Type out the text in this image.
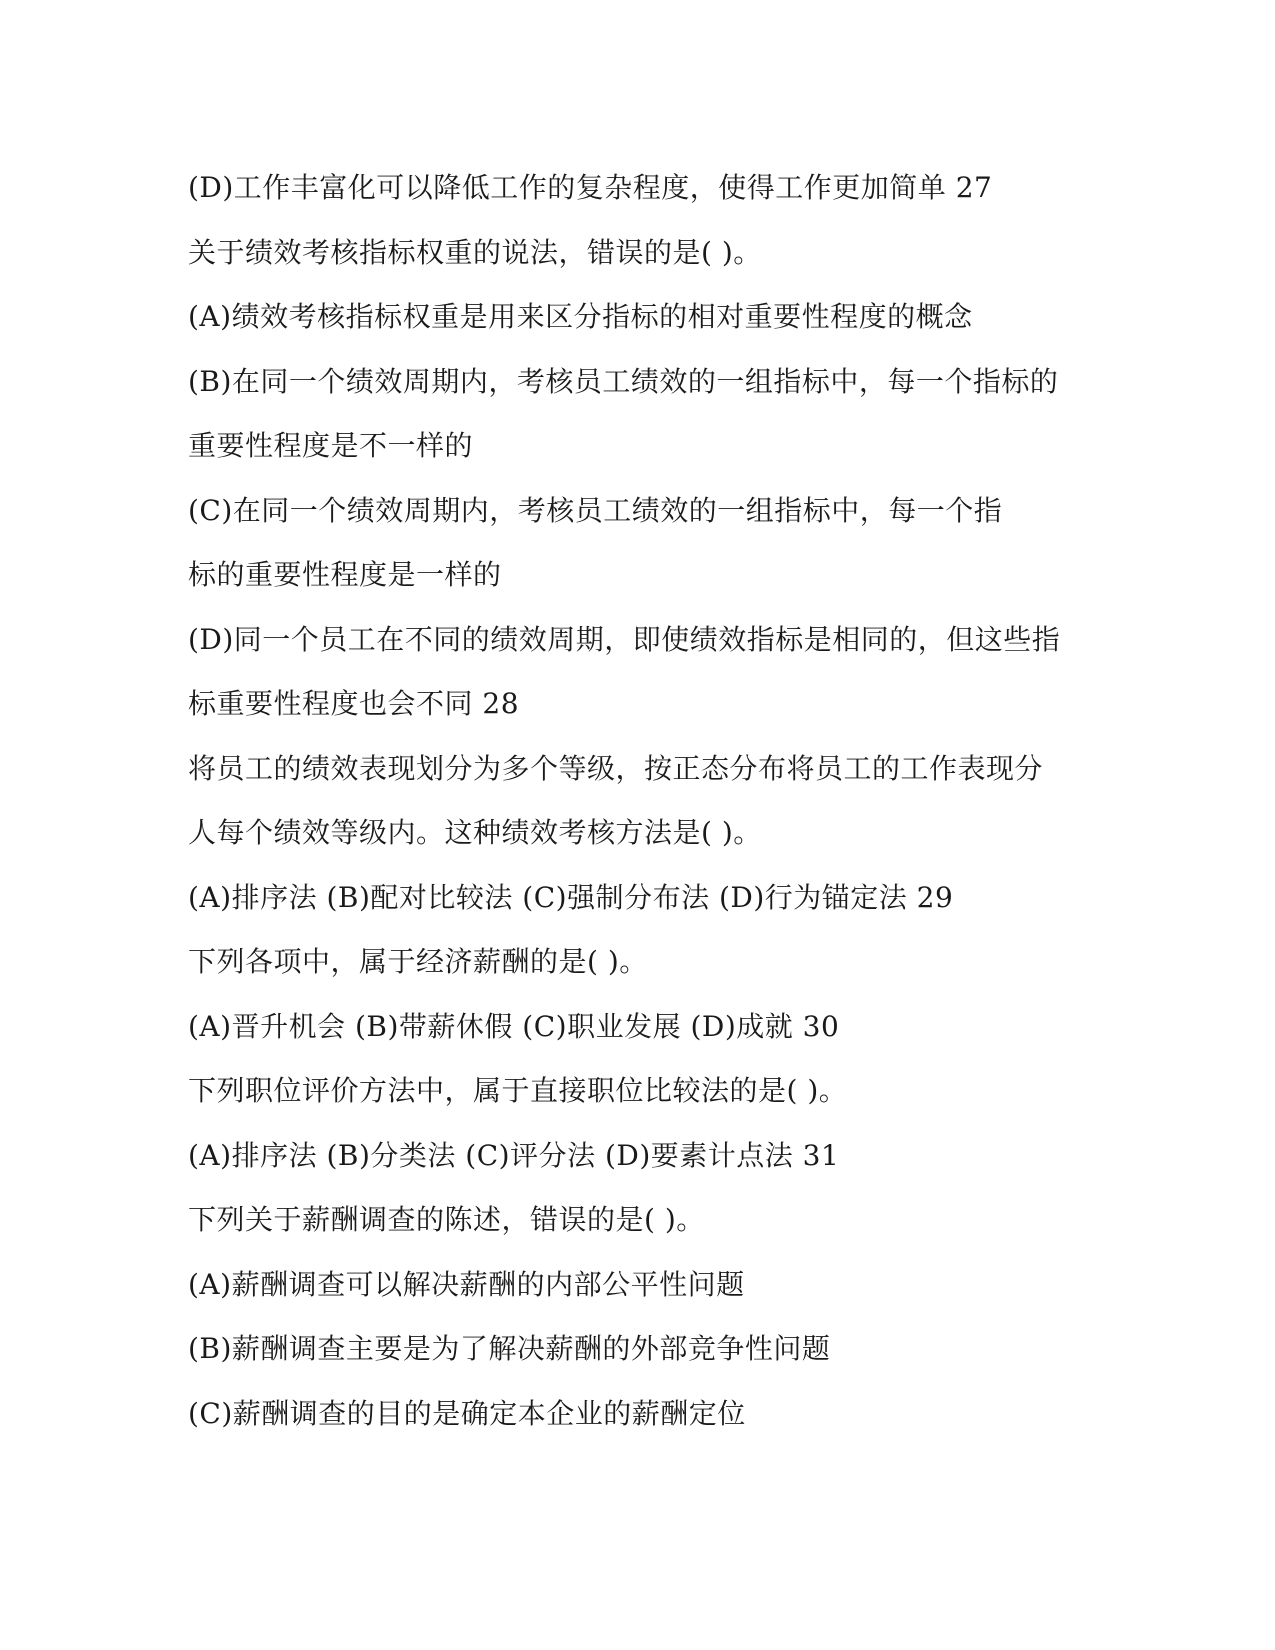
(D)工作丰富化可以降低工作的复杂程度，使得工作更加简单 27
关于绩效考核指标权重的说法，错误的是( )。
(A)绩效考核指标权重是用来区分指标的相对重要性程度的概念
(B)在同一个绩效周期内，考核员工绩效的一组指标中，每一个指标的
重要性程度是不一样的
(C)在同一个绩效周期内，考核员工绩效的一组指标中，每一个指
标的重要性程度是一样的
(D)同一个员工在不同的绩效周期，即使绩效指标是相同的，但这些指
标重要性程度也会不同 28
将员工的绩效表现划分为多个等级，按正态分布将员工的工作表现分
人每个绩效等级内。这种绩效考核方法是( )。
(A)排序法 (B)配对比较法 (C)强制分布法 (D)行为锚定法 29
下列各项中，属于经济薪酬的是( )。
(A)晋升机会 (B)带薪休假 (C)职业发展 (D)成就 30
下列职位评价方法中，属于直接职位比较法的是( )。
(A)排序法 (B)分类法 (C)评分法 (D)要素计点法 31
下列关于薪酬调查的陈述，错误的是( )。
(A)薪酬调查可以解决薪酬的内部公平性问题
(B)薪酬调查主要是为了解决薪酬的外部竞争性问题
(C)薪酬调查的目的是确定本企业的薪酬定位
